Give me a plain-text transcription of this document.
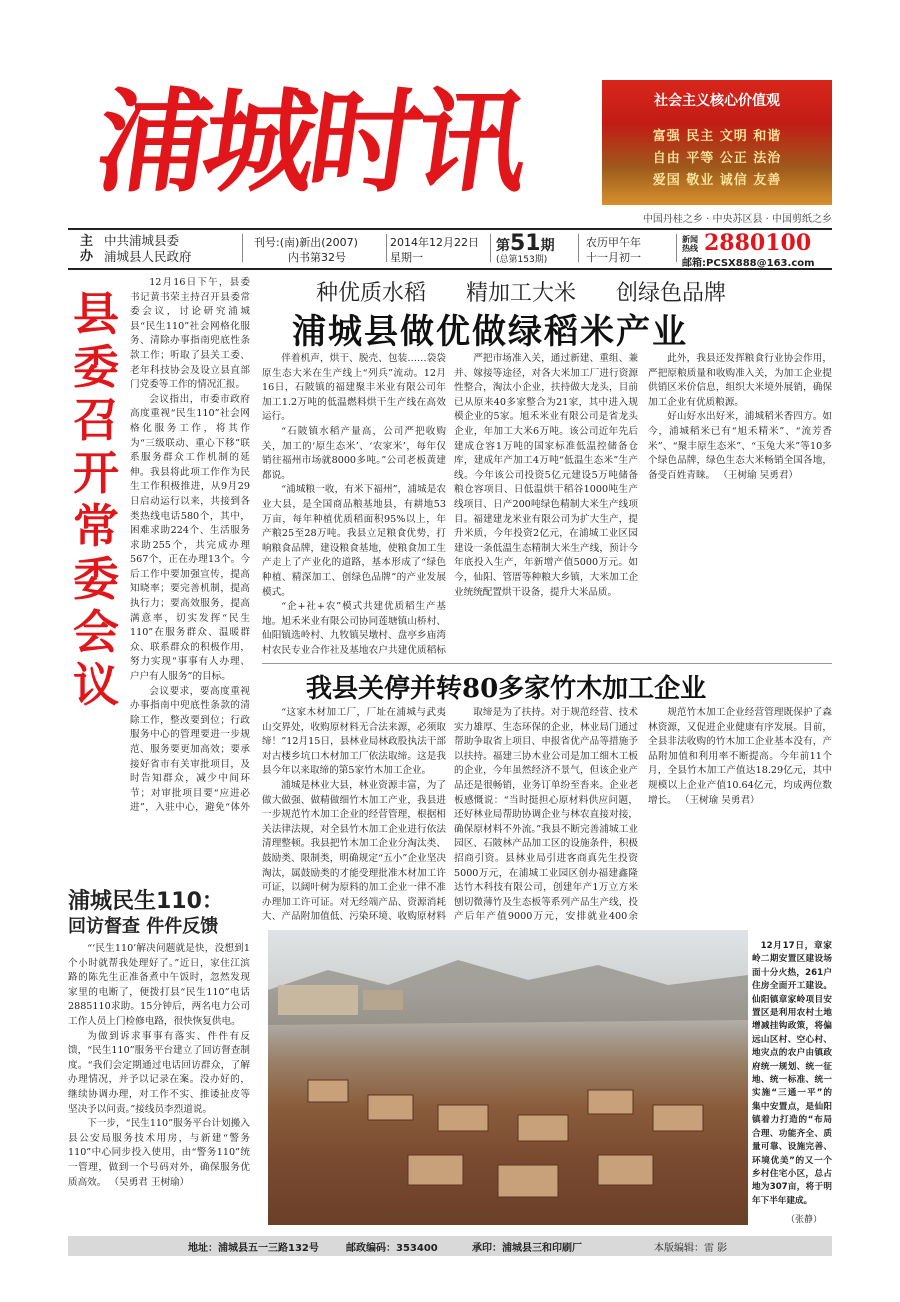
浦城时讯	社会主义核心价值观
富强 民主 文明 和谐
自由 平等 公正 法治
爱国 敬业 诚信 友善
中国丹桂之乡 · 中央苏区县 · 中国剪纸之乡
主
办
中共浦城县委
浦城县人民政府
刊号:(南)新出(2007)
内书第32号
2014年12月22日
星期一
第51期
(总第153期)
农历甲午年
十一月初一
新闻
热线 2880100
邮箱:PCSX888@163.com
县委召开常委会议

12月16日下午，县委书记黄书荣主持召开县委常委会议，讨论研究浦城县“民生110”社会网格化服务、清除办事指南兜底性条款工作；听取了县关工委、老年科技协会及设立县直部门党委等工作的情况汇报。

会议指出，市委市政府高度重视“民生110”社会网格化服务工作，将其作为“三级联动、重心下移”联系服务群众工作机制的延伸。我县将此项工作作为民生工作积极推进，从9月29日启动运行以来，共接到各类热线电话580个，其中，困难求助224个、生活服务求助255个，共完成办理567个，正在办理13个。今后工作中要加强宣传，提高知晓率；要完善机制，提高执行力；要高效服务，提高满意率，切实发挥“民生110”在服务群众、温暖群众、联系群众的积极作用，努力实现“事事有人办理、户户有人服务”的目标。

会议要求，要高度重视办事指南中兜底性条款的清除工作，整改要到位；行政服务中心的管理要进一步规范、服务要更加高效；要承接好省市有关审批项目，及时告知群众，减少中间环节；对审批项目要“应进必进”，入驻中心，避免“体外

浦城民生110：
回访督查 件件反馈

“‘民生110’解决问题就是快，没想到1个小时就帮我处理好了。”近日，家住江滨路的陈先生正准备煮中午饭时，忽然发现家里的电断了，便拨打县“民生110”电话2885110求助。15分钟后，两名电力公司工作人员上门检修电路，很快恢复供电。

为做到诉求事事有落实、件件有反馈，“民生110”服务平台建立了回访督查制度。“我们会定期通过电话回访群众，了解办理情况，并予以记录在案。没办好的，继续协调办理，对工作不实、推诿扯皮等坚决予以问责。”接线员李烈道说。

下一步，“民生110”服务平台计划搬入县公安局服务技术用房，与新建“警务110”中心同步投入使用，由“警务110”统一管理，做到一个号码对外，确保服务优质高效。 （吴勇君 王树瑜）

种优质水稻 精加工大米 创绿色品牌
浦城县做优做绿稻米产业

伴着机声，烘干、脱壳、包装……袋袋原生态大米在生产线上“列兵”流动。12月16日，石陂镇的福建聚丰米业有限公司年加工1.2万吨的低温燃料烘干生产线在高效运行。

“石陂镇水稻产量高，公司严把收购关，加工的‘原生态米’、‘农家米’，每年仅销往福州市场就8000多吨。”公司老板黄建都说。

“浦城粮一收，有米下福州”，浦城是农业大县，是全国商品粮基地县，有耕地53万亩，每年种植优质稻面积95%以上，年产粮25至28万吨。我县立足粮食优势，打响粮食品牌，建设粮食基地，使粮食加工生产走上了产业化的道路，基本形成了“绿色种植、精深加工、创绿色品牌”的产业发展模式。

“企+社+农”模式共建优质稻生产基地。旭禾米业有限公司协同莲塘镇山桥村、仙阳镇选岭村、九牧镇吴墩村、盘亭乡庙湾村农民专业合作社及基地农户共建优质稻标

严把市场准入关，通过新建、重组、兼并、嫁接等途径，对各大米加工厂进行资源性整合，淘汰小企业，扶持做大龙头，目前已从原来40多家整合为21家，其中进入规模企业的5家。旭禾米业有限公司是省龙头企业，年加工大米6万吨。该公司近年先后建成仓容1万吨的国家标准低温控储备仓库，建成年产加工4万吨“低温生态米”生产线。今年该公司投资5亿元建设5万吨储备粮仓容项目、日低温烘干稻谷1000吨生产线项目、日产200吨绿色精制大米生产线项目。福建建龙米业有限公司为扩大生产，提升米质，今年投资2亿元，在浦城工业区园建设一条低温生态精制大米生产线，预计今年底投入生产，年新增产值5000万元。如今，仙阳、管厝等种粮大乡镇，大米加工企业统统配置烘干设备，提升大米品质。

此外，我县还发挥粮食行业协会作用，严把原粮质量和收购准入关，为加工企业提供销区米价信息，组织大米境外展销，确保加工企业有优质粮源。

好山好水出好米，浦城稻米香四方。如今，浦城稻米已有“旭禾精米”、“流芳香米”、“聚丰原生态米”、“玉兔大米”等10多个绿色品牌，绿色生态大米畅销全国各地，备受百姓青睐。 （王树瑜 吴勇君）

我县关停并转80多家竹木加工企业

“这家木材加工厂，厂址在浦城与武夷山交界处，收购原材料无合法来源，必须取缔！”12月15日，县林业局林政股执法干部对古楼乡坑口木材加工厂依法取缔。这是我县今年以来取缔的第5家竹木加工企业。

浦城是林业大县，林业资源丰富，为了做大做强、做精做细竹木加工产业，我县进一步规范竹木加工企业的经营管理，根据相关法律法规，对全县竹木加工企业进行依法清理整顿。我县把竹木加工企业分淘汰类、鼓励类、限制类，明确规定“五小”企业坚决淘汰，属鼓励类的才能受理批准木材加工许可证，以阔叶树为原料的加工企业一律不准办理加工许可证。对无经端产品、资源消耗大、产品附加值低、污染环境、收购原材料

取缔是为了扶持。对于规范经营、技术实力雄厚、生态环保的企业，林业局门通过帮助争取省上项目、申报省优产品等措施予以扶持。福建三协木业公司是加工细木工板的企业，今年虽然经济不景气，但该企业产品还是很畅销，业务订单纷至沓来。企业老板感慨说：“当时挺担心原材料供应问题，还好林业局帮助协调企业与林农直接对接，确保原材料不外流。”我县不断完善浦城工业园区、石陂林产品加工区的设施条件，积极招商引资。县林业局引进客商真先生投资5000万元，在浦城工业园区创办福建鑫隆达竹木科技有限公司，创建年产1万立方米刨切微薄竹及生态板等系列产品生产线，投产后年产值9000万元，安排就业400余

规范竹木加工企业经营管理既保护了森林资源，又促进企业健康有序发展。目前，全县非法收购的竹木加工企业基本没有，产品附加值和利用率不断提高。今年前11个月，全县竹木加工产值达18.29亿元，其中规模以上企业产值10.64亿元，均成两位数增长。 （王树瑜 吴勇君）

12月17日，章家岭二期安置区建设场面十分火热，261户住房全面开工建设。仙阳镇章家岭项目安置区是利用农村土地增减挂钩政策，将偏远山区村、空心村、地灾点的农户由镇政府统一规划、统一征地、统一标准、统一实施“三通一平”的集中安置点，是仙阳镇着力打造的“布局合理、功能齐全、质量可靠、设施完善、环境优美”的又一个乡村住宅小区，总占地为307亩，将于明年下半年建成。
（张静）
地址：浦城县五一三路132号	邮政编码：353400	承印：浦城县三和印刷厂	本版编辑：雷 影
